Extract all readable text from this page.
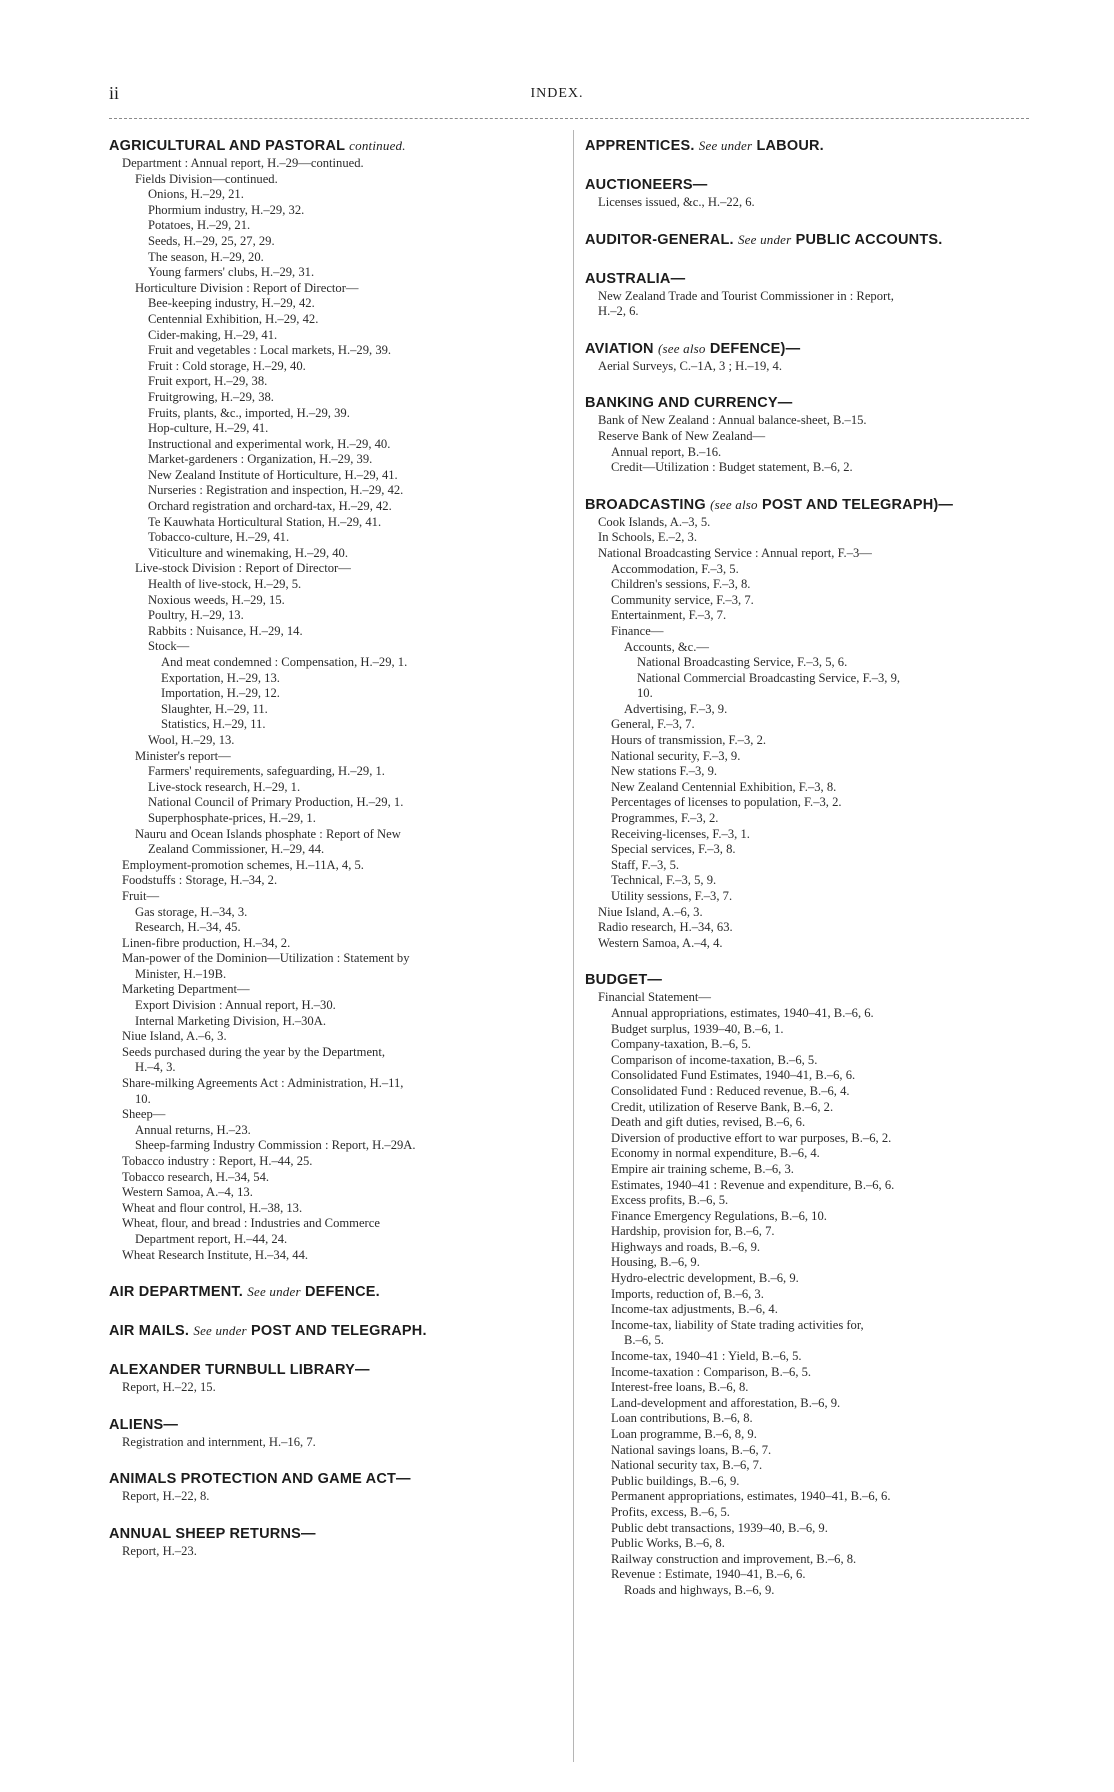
ii	INDEX.
AGRICULTURAL AND PASTORAL continued.
Department : Annual report, H.–29—continued.
Fields Division—continued.
Onions, H.–29, 21.
Phormium industry, H.–29, 32.
Potatoes, H.–29, 21.
Seeds, H.–29, 25, 27, 29.
The season, H.–29, 20.
Young farmers' clubs, H.–29, 31.
Horticulture Division : Report of Director—
Bee-keeping industry, H.–29, 42.
Centennial Exhibition, H.–29, 42.
Cider-making, H.–29, 41.
Fruit and vegetables : Local markets, H.–29, 39.
Fruit : Cold storage, H.–29, 40.
Fruit export, H.–29, 38.
Fruitgrowing, H.–29, 38.
Fruits, plants, &c., imported, H.–29, 39.
Hop-culture, H.–29, 41.
Instructional and experimental work, H.–29, 40.
Market-gardeners : Organization, H.–29, 39.
New Zealand Institute of Horticulture, H.–29, 41.
Nurseries : Registration and inspection, H.–29, 42.
Orchard registration and orchard-tax, H.–29, 42.
Te Kauwhata Horticultural Station, H.–29, 41.
Tobacco-culture, H.–29, 41.
Viticulture and winemaking, H.–29, 40.
Live-stock Division : Report of Director—
Health of live-stock, H.–29, 5.
Noxious weeds, H.–29, 15.
Poultry, H.–29, 13.
Rabbits : Nuisance, H.–29, 14.
Stock—
And meat condemned : Compensation, H.–29, 1.
Exportation, H.–29, 13.
Importation, H.–29, 12.
Slaughter, H.–29, 11.
Statistics, H.–29, 11.
Wool, H.–29, 13.
Minister's report—
Farmers' requirements, safeguarding, H.–29, 1.
Live-stock research, H.–29, 1.
National Council of Primary Production, H.–29, 1.
Superphosphate-prices, H.–29, 1.
Nauru and Ocean Islands phosphate : Report of New
Zealand Commissioner, H.–29, 44.
Employment-promotion schemes, H.–11A, 4, 5.
Foodstuffs : Storage, H.–34, 2.
Fruit—
Gas storage, H.–34, 3.
Research, H.–34, 45.
Linen-fibre production, H.–34, 2.
Man-power of the Dominion—Utilization : Statement by
Minister, H.–19B.
Marketing Department—
Export Division : Annual report, H.–30.
Internal Marketing Division, H.–30A.
Niue Island, A.–6, 3.
Seeds purchased during the year by the Department,
H.–4, 3.
Share-milking Agreements Act : Administration, H.–11,
10.
Sheep—
Annual returns, H.–23.
Sheep-farming Industry Commission : Report, H.–29A.
Tobacco industry : Report, H.–44, 25.
Tobacco research, H.–34, 54.
Western Samoa, A.–4, 13.
Wheat and flour control, H.–38, 13.
Wheat, flour, and bread : Industries and Commerce
Department report, H.–44, 24.
Wheat Research Institute, H.–34, 44.
AIR DEPARTMENT. See under DEFENCE.
AIR MAILS. See under POST AND TELEGRAPH.
ALEXANDER TURNBULL LIBRARY—
Report, H.–22, 15.
ALIENS—
Registration and internment, H.–16, 7.
ANIMALS PROTECTION AND GAME ACT—
Report, H.–22, 8.
ANNUAL SHEEP RETURNS—
Report, H.–23.
APPRENTICES. See under LABOUR.
AUCTIONEERS—
Licenses issued, &c., H.–22, 6.
AUDITOR-GENERAL. See under PUBLIC ACCOUNTS.
AUSTRALIA—
New Zealand Trade and Tourist Commissioner in : Report,
H.–2, 6.
AVIATION (see also DEFENCE)—
Aerial Surveys, C.–1A, 3 ; H.–19, 4.
BANKING AND CURRENCY—
Bank of New Zealand : Annual balance-sheet, B.–15.
Reserve Bank of New Zealand—
Annual report, B.–16.
Credit—Utilization : Budget statement, B.–6, 2.
BROADCASTING (see also POST AND TELEGRAPH)—
Cook Islands, A.–3, 5.
In Schools, E.–2, 3.
National Broadcasting Service : Annual report, F.–3—
Accommodation, F.–3, 5.
Children's sessions, F.–3, 8.
Community service, F.–3, 7.
Entertainment, F.–3, 7.
Finance—
Accounts, &c.—
National Broadcasting Service, F.–3, 5, 6.
National Commercial Broadcasting Service, F.–3, 9,
10.
Advertising, F.–3, 9.
General, F.–3, 7.
Hours of transmission, F.–3, 2.
National security, F.–3, 9.
New stations F.–3, 9.
New Zealand Centennial Exhibition, F.–3, 8.
Percentages of licenses to population, F.–3, 2.
Programmes, F.–3, 2.
Receiving-licenses, F.–3, 1.
Special services, F.–3, 8.
Staff, F.–3, 5.
Technical, F.–3, 5, 9.
Utility sessions, F.–3, 7.
Niue Island, A.–6, 3.
Radio research, H.–34, 63.
Western Samoa, A.–4, 4.
BUDGET—
Financial Statement—
Annual appropriations, estimates, 1940–41, B.–6, 6.
Budget surplus, 1939–40, B.–6, 1.
Company-taxation, B.–6, 5.
Comparison of income-taxation, B.–6, 5.
Consolidated Fund Estimates, 1940–41, B.–6, 6.
Consolidated Fund : Reduced revenue, B.–6, 4.
Credit, utilization of Reserve Bank, B.–6, 2.
Death and gift duties, revised, B.–6, 6.
Diversion of productive effort to war purposes, B.–6, 2.
Economy in normal expenditure, B.–6, 4.
Empire air training scheme, B.–6, 3.
Estimates, 1940–41 : Revenue and expenditure, B.–6, 6.
Excess profits, B.–6, 5.
Finance Emergency Regulations, B.–6, 10.
Hardship, provision for, B.–6, 7.
Highways and roads, B.–6, 9.
Housing, B.–6, 9.
Hydro-electric development, B.–6, 9.
Imports, reduction of, B.–6, 3.
Income-tax adjustments, B.–6, 4.
Income-tax, liability of State trading activities for,
B.–6, 5.
Income-tax, 1940–41 : Yield, B.–6, 5.
Income-taxation : Comparison, B.–6, 5.
Interest-free loans, B.–6, 8.
Land-development and afforestation, B.–6, 9.
Loan contributions, B.–6, 8.
Loan programme, B.–6, 8, 9.
National savings loans, B.–6, 7.
National security tax, B.–6, 7.
Public buildings, B.–6, 9.
Permanent appropriations, estimates, 1940–41, B.–6, 6.
Profits, excess, B.–6, 5.
Public debt transactions, 1939–40, B.–6, 9.
Public Works, B.–6, 8.
Railway construction and improvement, B.–6, 8.
Revenue : Estimate, 1940–41, B.–6, 6.
Roads and highways, B.–6, 9.
